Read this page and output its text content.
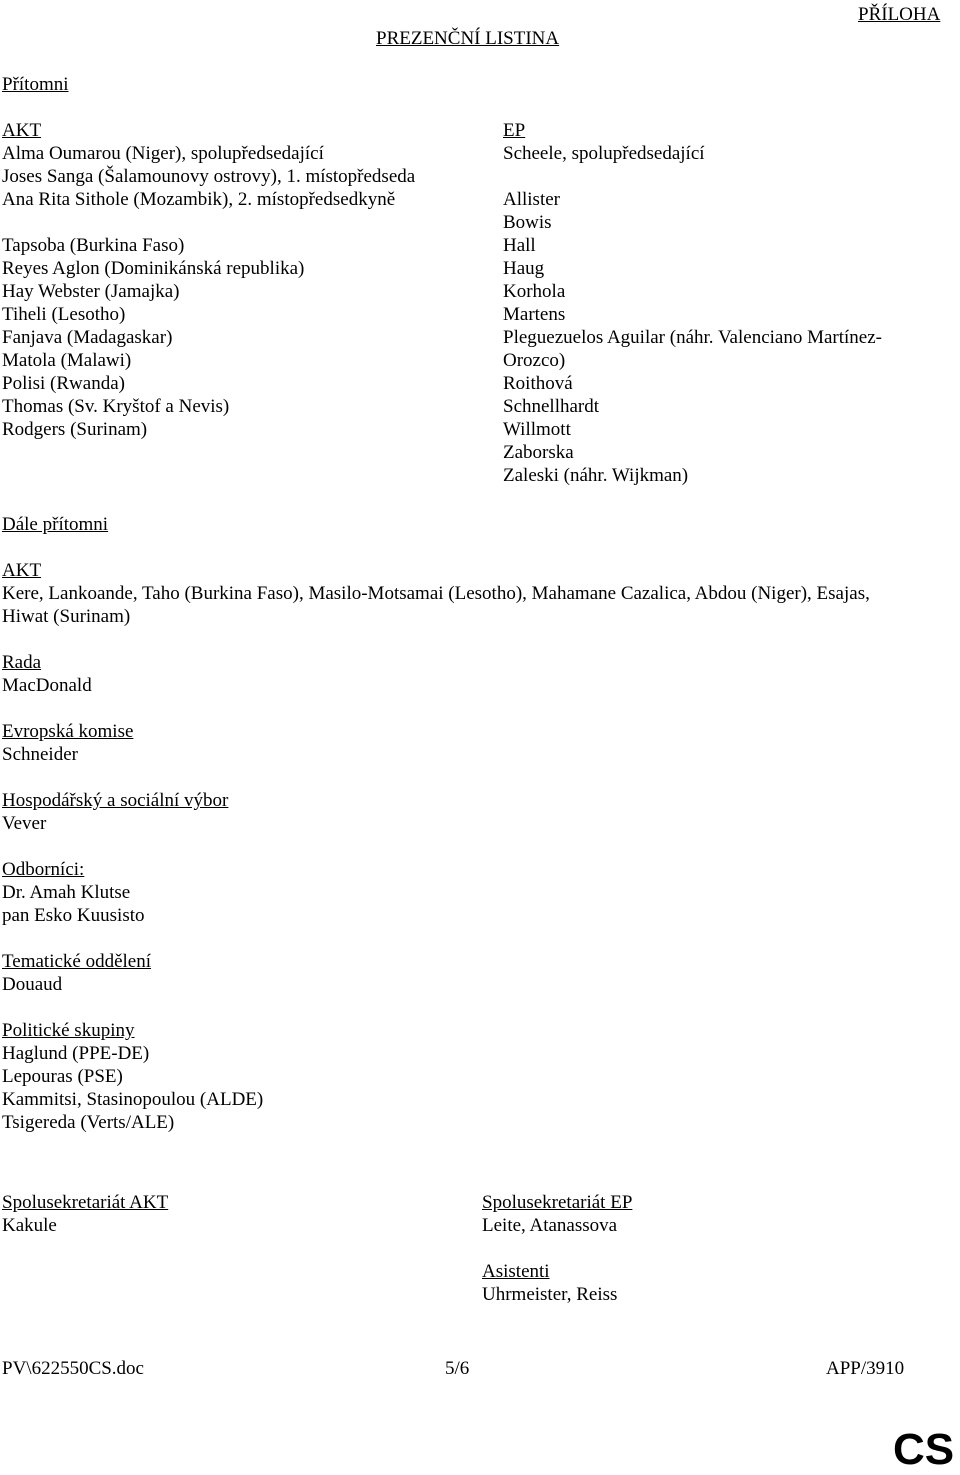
PŘÍLOHA
PREZENČNÍ LISTINA
Přítomni
AKT
Alma Oumarou (Niger), spolupředsedající
Joses Sanga (Šalamounovy ostrovy), 1. místopředseda
Ana Rita Sithole (Mozambik), 2. místopředsedkyně
Tapsoba (Burkina Faso)
Reyes Aglon (Dominikánská republika)
Hay Webster (Jamajka)
Tiheli (Lesotho)
Fanjava (Madagaskar)
Matola (Malawi)
Polisi (Rwanda)
Thomas (Sv. Kryštof a Nevis)
Rodgers (Surinam)
EP
Scheele, spolupředsedající
Allister
Bowis
Hall
Haug
Korhola
Martens
Pleguezuelos Aguilar (náhr. Valenciano Martínez-
Orozco)
Roithová
Schnellhardt
Willmott
Zaborska
Zaleski (náhr. Wijkman)
Dále přítomni
AKT
Kere, Lankoande, Taho (Burkina Faso), Masilo-Motsamai (Lesotho), Mahamane Cazalica, Abdou (Niger), Esajas,
Hiwat (Surinam)
Rada
MacDonald
Evropská komise
Schneider
Hospodářský a sociální výbor
Vever
Odborníci:
Dr. Amah Klutse
pan Esko Kuusisto
Tematické oddělení
Douaud
Politické skupiny
Haglund (PPE-DE)
Lepouras (PSE)
Kammitsi, Stasinopoulou (ALDE)
Tsigereda (Verts/ALE)
Spolusekretariát AKT
Kakule
Spolusekretariát EP
Leite, Atanassova
Asistenti
Uhrmeister, Reiss
PV\622550CS.doc	5/6	APP/3910
CS
